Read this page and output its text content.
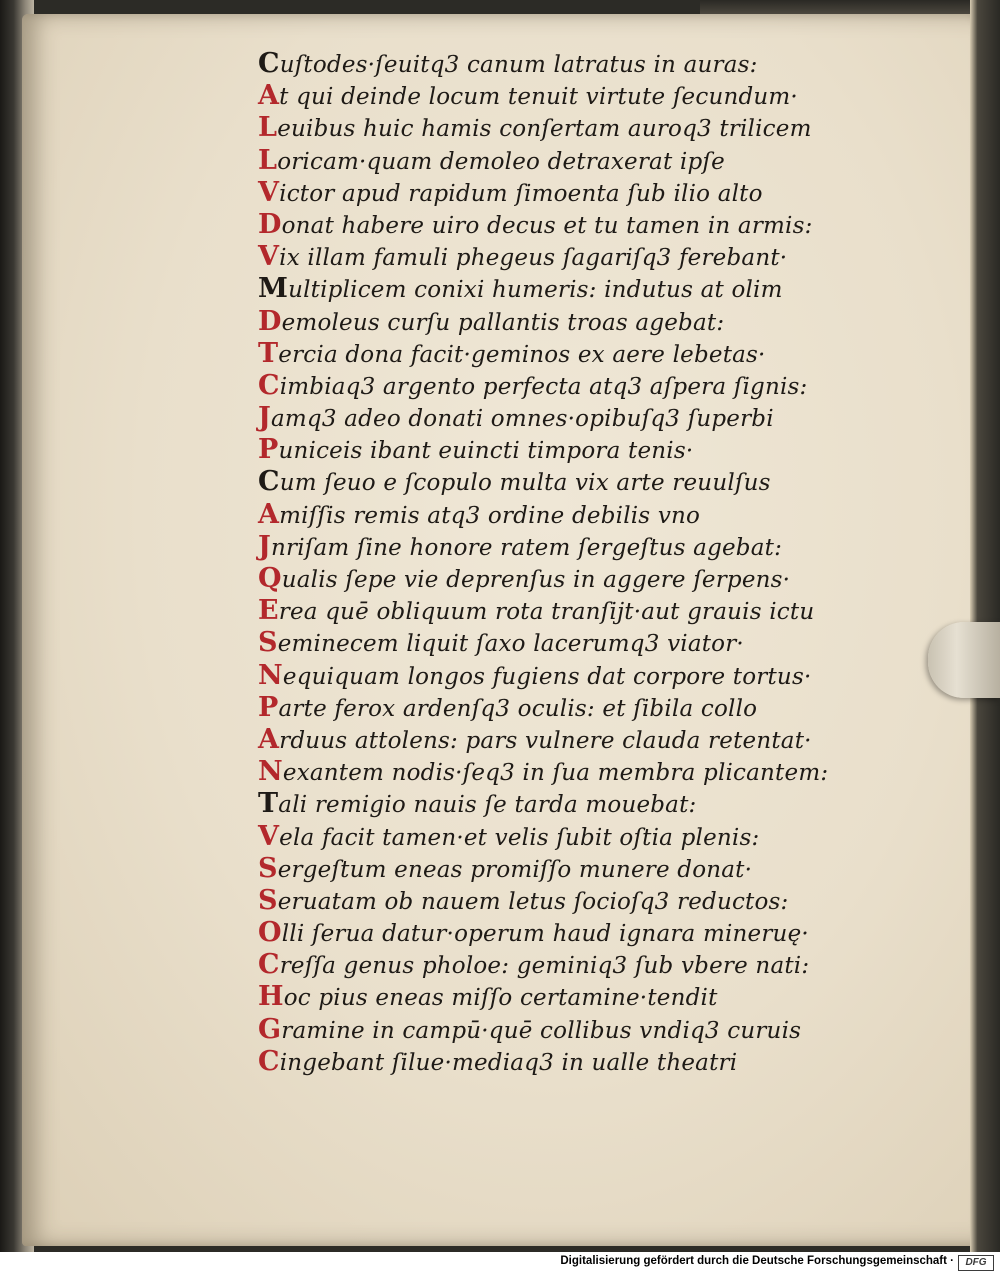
Cuſtodes·ſeuitq3 canum latratus in auras:
At qui deinde locum tenuit virtute ſecundum·
Leuibus huic hamis conſertam auroq3 trilicem
Loricam·quam demoleo detraxerat ipſe
Victor apud rapidum ſimoenta ſub ilio alto
Donat habere uiro decus et tu tamen in armis:
Vix illam famuli phegeus ſagariſq3 ferebant·
Multiplicem conixi humeris: indutus at olim
Demoleus curſu pallantis troas agebat:
Tercia dona facit·geminos ex aere lebetas·
Cimbiaq3 argento perfecta atq3 aſpera ſignis:
Jamq3 adeo donati omnes·opibuſq3 ſuperbi
Puniceis ibant euincti timpora tenis·
Cum ſeuo e ſcopulo multa vix arte reuulſus
Amiſſis remis atq3 ordine debilis vno
Jnriſam ſine honore ratem ſergeſtus agebat:
Qualis ſepe vie deprenſus in aggere ſerpens·
Erea quē obliquum rota tranſijt·aut grauis ictu
Seminecem liquit ſaxo lacerumq3 viator·
Nequiquam longos fugiens dat corpore tortus·
Parte ferox ardenſq3 oculis: et ſibila collo
Arduus attolens: pars vulnere clauda retentat·
Nexantem nodis·ſeq3 in ſua membra plicantem:
Tali remigio nauis ſe tarda mouebat:
Vela facit tamen·et velis ſubit oſtia plenis:
Sergeſtum eneas promiſſo munere donat·
Seruatam ob nauem letus ſocioſq3 reductos:
Olli ſerua datur·operum haud ignara mineruę·
Creſſa genus pholoe: geminiq3 ſub vbere nati:
Hoc pius eneas miſſo certamine·tendit
Gramine in campū·quē collibus vndiq3 curuis
Cingebant ſilue·mediaq3 in ualle theatri
Digitalisierung gefördert durch die Deutsche Forschungsgemeinschaft ·	DFG
